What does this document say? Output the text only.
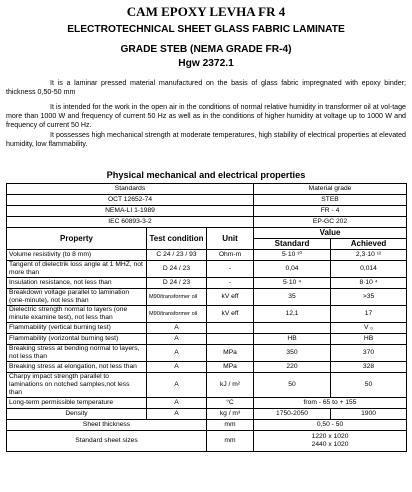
CAM EPOXY LEVHA FR 4
ELECTROTECHNICAL SHEET GLASS FABRIC LAMINATE
GRADE STEB (NEMA GRADE FR-4)
Hgw 2372.1
It is a laminar pressed material manufactured on the basis of glass fabric impregnated with epoxy binder; thickness 0,50-50 mm
It is intended for the work in the open air in the conditions of normal relative humidity in transformer oil at vol-tage more than 1000 W and frequency of current 50 Hz as well as in the conditions of higher humidity at voltage up to 1000 W and frequency of current 50 Hz.
It possesses high mechanical strength at moderate temperatures, high stability of electrical properties at elevated humidity, low flammability.
Physical mechanical and electrical properties
Standards			Material grade	
OCT 12652-74			STEB	
NEMA-LI 1-1989			FR - 4	
IEC 60893-3-2			EP-GC 202	
Property	Test condition	Unit	Value	
			Standard	Achieved
Volume resistivity (to 8 mm)	C 24 / 23 / 93	Ohm-m	5·10 ¹⁰	2,3·10 ¹²
Tangent of dielectrik loss angle at 1 MHZ, not more than	D 24 / 23	-	0,04	0,014
Insulation resistance, not less than	D 24 / 23	-	5·10 ⁴	8·10 ⁴
Breakdown voltage parallel to lamination (one-minute), not less than	M90/transformer oil	kV eff	35	>35
Dielectric strength normal to layers (one minute examine test), not less than	M90/transformer oil	kV eff	12,1	17
Flammability (vertical burning test)	A			V ₀
Flammability (vorizontal burning test)	A		HB	HB
Breaking stress at bending normal to layers, not less than	A	MPa	350	370
Breaking stress at elongation, not less than	A	MPa	220	328
Charpy impact strength parallel to laminations on notched samples,not less than	A	kJ / m²	50	50
Long-term permissible temperature	A	°C	from - 65 to + 155	
Density	A	kg / m³	1750-2050	1900
Sheet thickness		mm	0,50 - 50	
Standard sheet sizes		mm	1220 x 1020
2440 x 1020	
